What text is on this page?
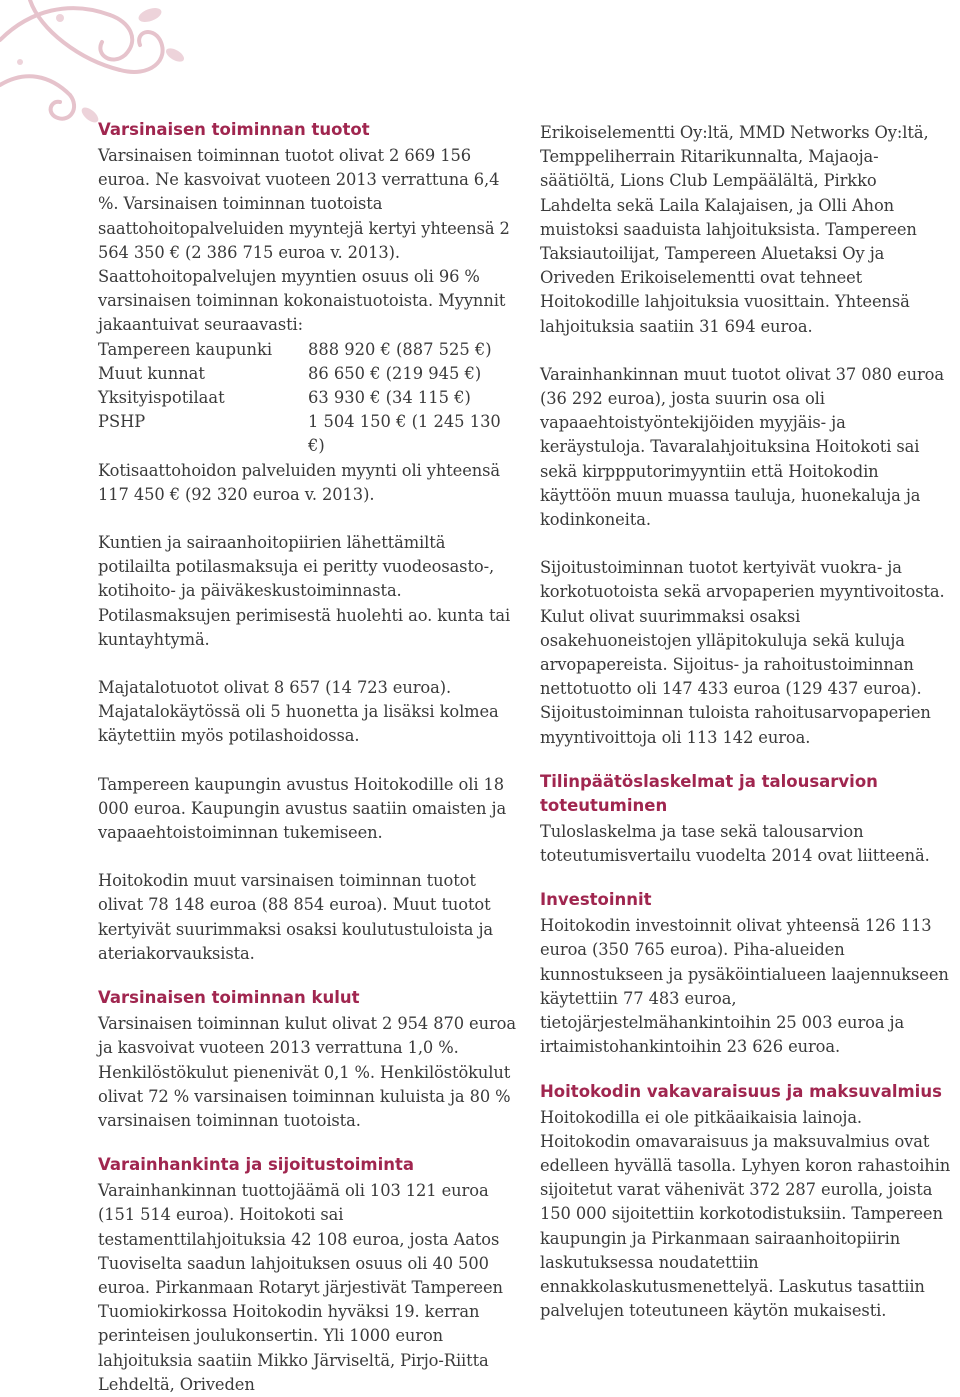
Varsinaisen toiminnan tuotot

Varsinaisen toiminnan tuotot olivat 2 669 156 euroa. Ne kasvoivat vuoteen 2013 verrattuna 6,4 %. Varsinaisen toiminnan tuotoista saattohoitopalveluiden myyntejä kertyi yhteensä 2 564 350 € (2 386 715 euroa v. 2013). Saattohoitopalvelujen myyntien osuus oli 96 % varsinaisen toiminnan kokonaistuotoista. Myynnit jakaantuivat seuraavasti:

Tampereen kaupunki	888 920 € (887 525 €)
Muut kunnat	86 650 € (219 945 €)
Yksityispotilaat	63 930 € (34 115 €)
PSHP	1 504 150 € (1 245 130 €)

Kotisaattohoidon palveluiden myynti oli yhteensä 117 450 € (92 320 euroa v. 2013).

Kuntien ja sairaanhoitopiirien lähettämiltä potilailta potilasmaksuja ei peritty vuodeosasto-, kotihoito- ja päiväkeskustoiminnasta. Potilasmaksujen perimisestä huolehti ao. kunta tai kuntayhtymä.

Majatalotuotot olivat 8 657 (14 723 euroa). Majatalokäytössä oli 5 huonetta ja lisäksi kolmea käytettiin myös potilashoidossa.

Tampereen kaupungin avustus Hoitokodille oli 18 000 euroa. Kaupungin avustus saatiin omaisten ja vapaaehtoistoiminnan tukemiseen.

Hoitokodin muut varsinaisen toiminnan tuotot olivat 78 148 euroa (88 854 euroa). Muut tuotot kertyivät suurimmaksi osaksi koulutustuloista ja ateriakorvauksista.

Varsinaisen toiminnan kulut

Varsinaisen toiminnan kulut olivat 2 954 870 euroa ja kasvoivat vuoteen 2013 verrattuna 1,0 %. Henkilöstökulut pienenivät 0,1 %. Henkilöstökulut olivat 72 % varsinaisen toiminnan kuluista ja 80 % varsinaisen toiminnan tuotoista.

Varainhankinta ja sijoitustoiminta

Varainhankinnan tuottojäämä oli 103 121 euroa (151 514 euroa). Hoitokoti sai testamenttilahjoituksia 42 108 euroa, josta Aatos Tuoviselta saadun lahjoituksen osuus oli 40 500 euroa. Pirkanmaan Rotaryt järjestivät Tampereen Tuomiokirkossa Hoitokodin hyväksi 19. kerran perinteisen joulukonsertin. Yli 1000 euron lahjoituksia saatiin Mikko Järviseltä, Pirjo-Riitta Lehdeltä, Oriveden

Erikoiselementti Oy:ltä, MMD Networks Oy:ltä, Temppeliherrain Ritarikunnalta, Majaoja- säätiöltä, Lions Club Lempäälältä, Pirkko Lahdelta sekä Laila Kalajaisen, ja Olli Ahon muistoksi saaduista lahjoituksista. Tampereen Taksiautoilijat, Tampereen Aluetaksi Oy ja Oriveden Erikoiselementti ovat tehneet Hoitokodille lahjoituksia vuosittain. Yhteensä lahjoituksia saatiin 31 694 euroa.

Varainhankinnan muut tuotot olivat 37 080 euroa (36 292 euroa), josta suurin osa oli vapaaehtoistyöntekijöiden myyjäis- ja keräystuloja. Tavaralahjoituksina Hoitokoti sai sekä kirppputorimyyntiin että Hoitokodin käyttöön muun muassa tauluja, huonekaluja ja kodinkoneita.

Sijoitustoiminnan tuotot kertyivät vuokra- ja korkotuotoista sekä arvopaperien myyntivoitosta. Kulut olivat suurimmaksi osaksi osakehuoneistojen ylläpitokuluja sekä kuluja arvopapereista. Sijoitus- ja rahoitustoiminnan nettotuotto oli 147 433 euroa (129 437 euroa). Sijoitustoiminnan tuloista rahoitusarvopaperien myyntivoittoja oli 113 142 euroa.

Tilinpäätöslaskelmat ja talousarvion toteutuminen

Tuloslaskelma ja tase sekä talousarvion toteutumisvertailu vuodelta 2014 ovat liitteenä.

Investoinnit

Hoitokodin investoinnit olivat yhteensä 126 113 euroa (350 765 euroa). Piha-alueiden kunnostukseen ja pysäköintialueen laajennukseen käytettiin 77 483 euroa, tietojärjestelmähankintoihin 25 003 euroa ja irtaimistohankintoihin 23 626 euroa.

Hoitokodin vakavaraisuus ja maksuvalmius

Hoitokodilla ei ole pitkäaikaisia lainoja. Hoitokodin omavaraisuus ja maksuvalmius ovat edelleen hyvällä tasolla. Lyhyen koron rahastoihin sijoitetut varat vähenivät 372 287 eurolla, joista 150 000 sijoitettiin korkotodistuksiin. Tampereen kaupungin ja Pirkanmaan sairaanhoitopiirin laskutuksessa noudatettiin ennakkolaskutusmenettelyä. Laskutus tasattiin palvelujen toteutuneen käytön mukaisesti.
